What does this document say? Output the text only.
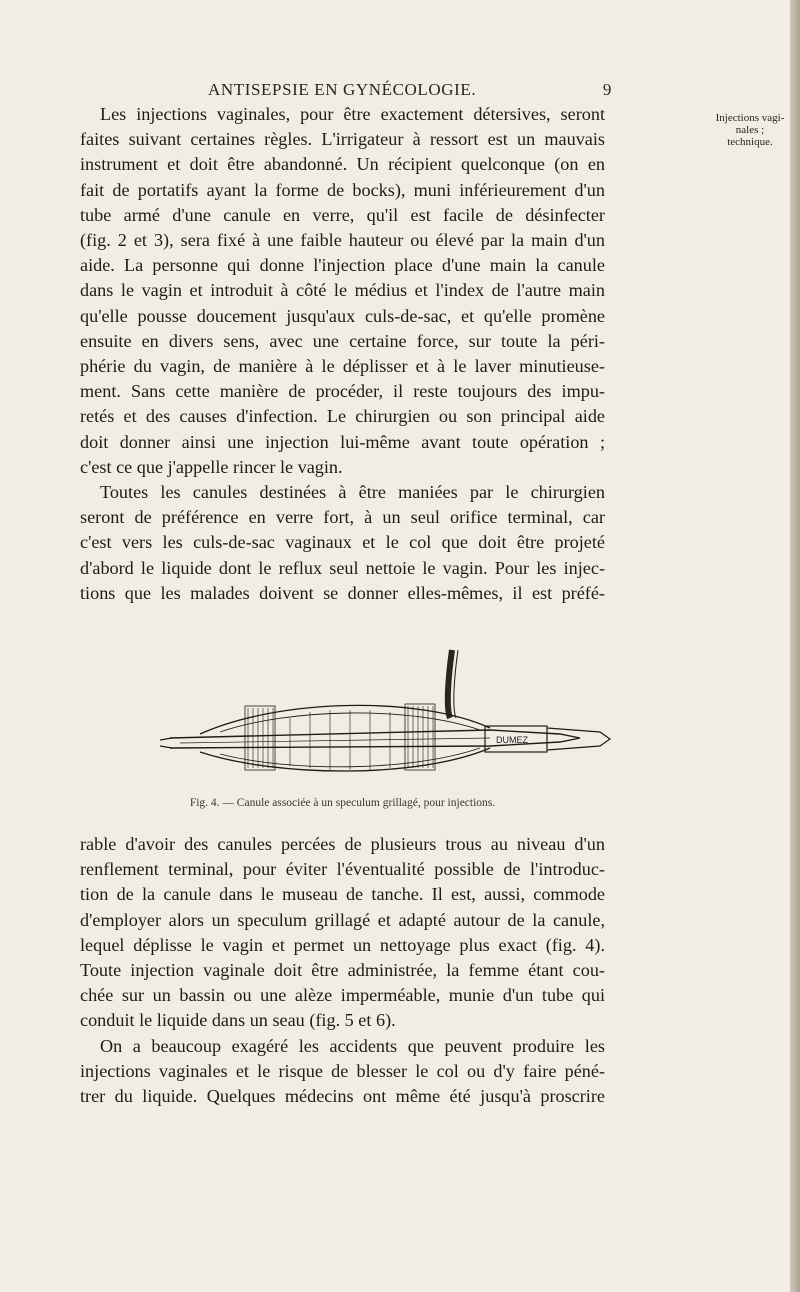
ANTISEPSIE EN GYNÉCOLOGIE.	9
Injections vagi-
nales ;
technique.
Les injections vaginales, pour être exactement détersives, seront
faites suivant certaines règles. L'irrigateur à ressort est un mauvais
instrument et doit être abandonné. Un récipient quelconque (on en
fait de portatifs ayant la forme de bocks), muni inférieurement d'un
tube armé d'une canule en verre, qu'il est facile de désinfecter
(fig. 2 et 3), sera fixé à une faible hauteur ou élevé par la main d'un
aide. La personne qui donne l'injection place d'une main la canule
dans le vagin et introduit à côté le médius et l'index de l'autre main
qu'elle pousse doucement jusqu'aux culs-de-sac, et qu'elle promène
ensuite en divers sens, avec une certaine force, sur toute la péri-
phérie du vagin, de manière à le déplisser et à le laver minutieuse-
ment. Sans cette manière de procéder, il reste toujours des impu-
retés et des causes d'infection. Le chirurgien ou son principal aide
doit donner ainsi une injection lui-même avant toute opération ;
c'est ce que j'appelle rincer le vagin.
Toutes les canules destinées à être maniées par le chirurgien
seront de préférence en verre fort, à un seul orifice terminal, car
c'est vers les culs-de-sac vaginaux et le col que doit être projeté
d'abord le liquide dont le reflux seul nettoie le vagin. Pour les injec-
tions que les malades doivent se donner elles-mêmes, il est préfé-
DUMEZ
Fig. 4. — Canule associée à un speculum grillagé, pour injections.
rable d'avoir des canules percées de plusieurs trous au niveau d'un
renflement terminal, pour éviter l'éventualité possible de l'introduc-
tion de la canule dans le museau de tanche. Il est, aussi, commode
d'employer alors un speculum grillagé et adapté autour de la canule,
lequel déplisse le vagin et permet un nettoyage plus exact (fig. 4).
Toute injection vaginale doit être administrée, la femme étant cou-
chée sur un bassin ou une alèze imperméable, munie d'un tube qui
conduit le liquide dans un seau (fig. 5 et 6).
On a beaucoup exagéré les accidents que peuvent produire les
injections vaginales et le risque de blesser le col ou d'y faire péné-
trer du liquide. Quelques médecins ont même été jusqu'à proscrire
